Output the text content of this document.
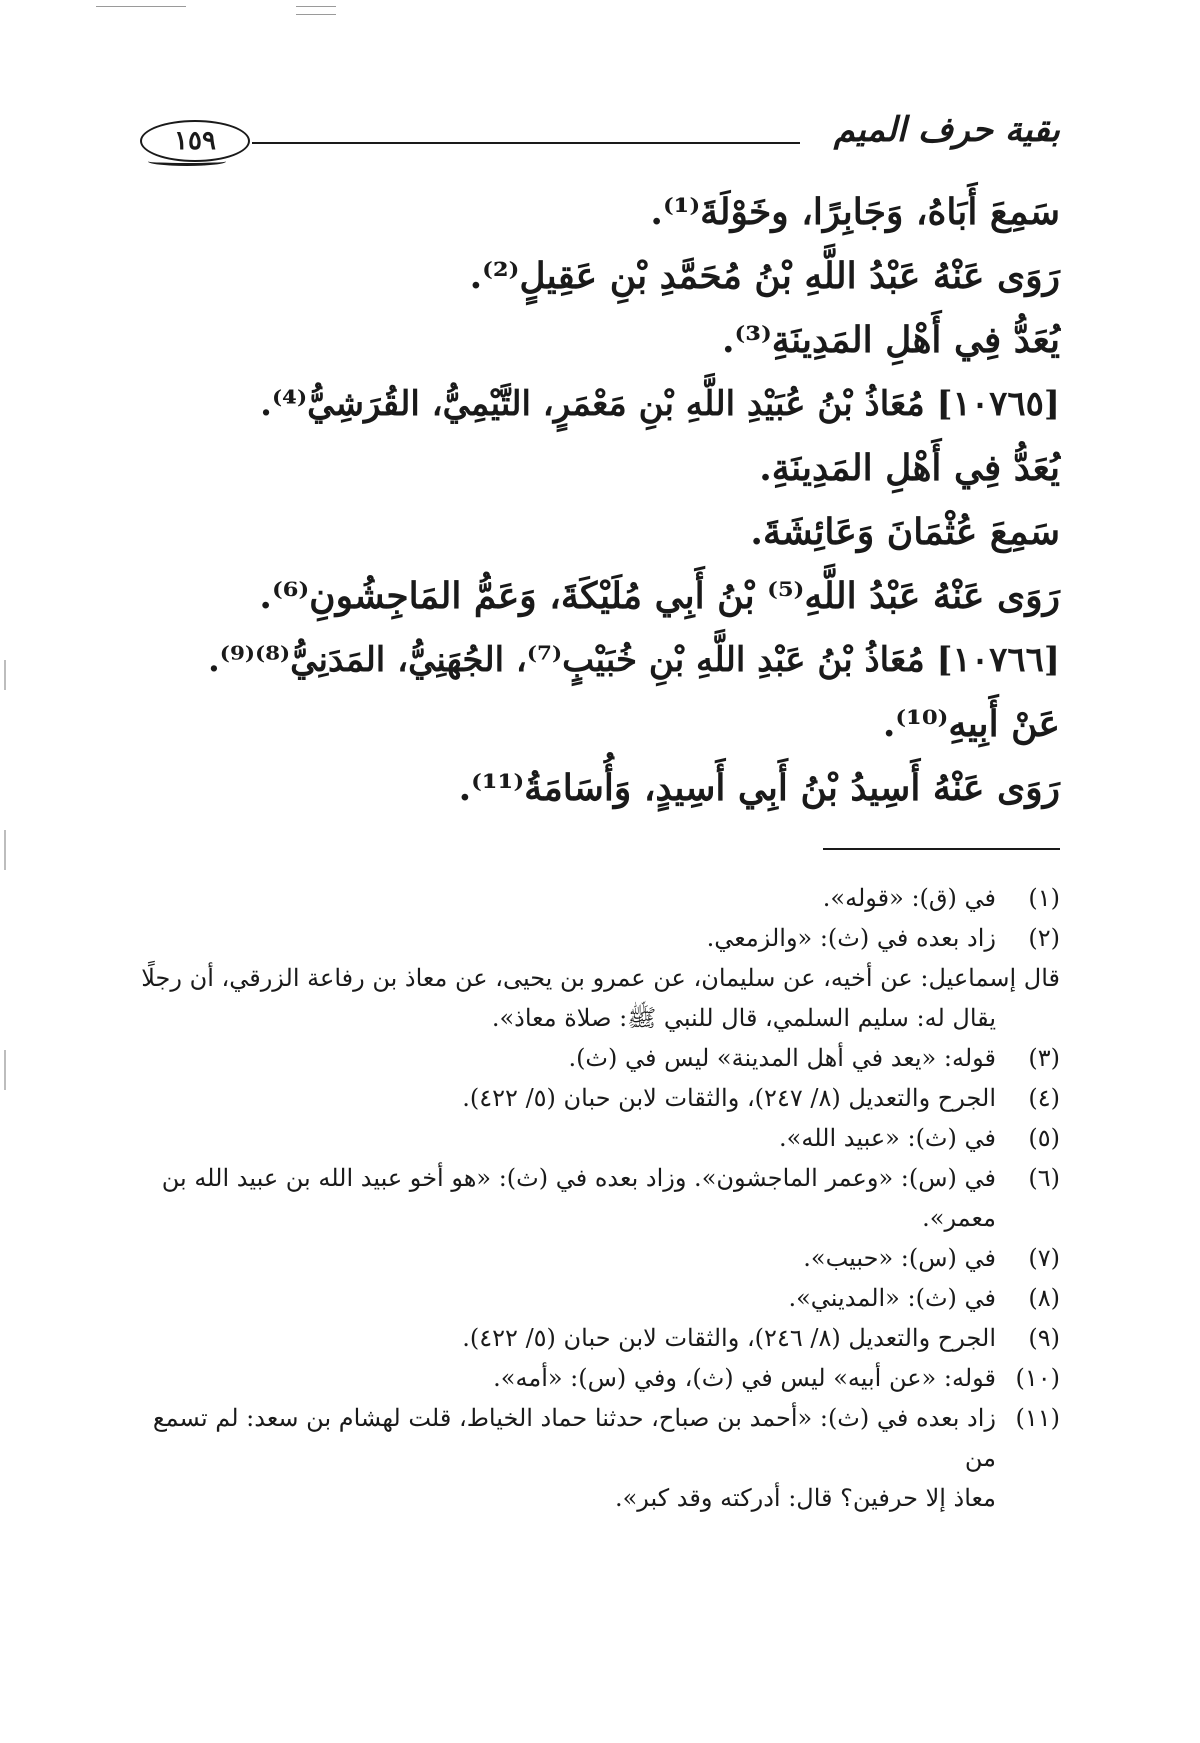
١٥٩	بقية حرف الميم
سَمِعَ أَبَاهُ، وَجَابِرًا، وخَوْلَةَ⁽¹⁾.
رَوَى عَنْهُ عَبْدُ اللَّهِ بْنُ مُحَمَّدِ بْنِ عَقِيلٍ⁽²⁾.
يُعَدُّ فِي أَهْلِ المَدِينَةِ⁽³⁾.
[١٠٧٦٥] مُعَاذُ بْنُ عُبَيْدِ اللَّهِ بْنِ مَعْمَرٍ، التَّيْمِيُّ، القُرَشِيُّ⁽⁴⁾.
يُعَدُّ فِي أَهْلِ المَدِينَةِ.
سَمِعَ عُثْمَانَ وَعَائِشَةَ.
رَوَى عَنْهُ عَبْدُ اللَّهِ⁽⁵⁾ بْنُ أَبِي مُلَيْكَةَ، وَعَمُّ المَاجِشُونِ⁽⁶⁾.
[١٠٧٦٦] مُعَاذُ بْنُ عَبْدِ اللَّهِ بْنِ خُبَيْبٍ⁽⁷⁾، الجُهَنِيُّ، المَدَنِيُّ⁽⁸⁾⁽⁹⁾.
عَنْ أَبِيهِ⁽¹⁰⁾.
رَوَى عَنْهُ أَسِيدُ بْنُ أَبِي أَسِيدٍ، وَأُسَامَةُ⁽¹¹⁾.
(١)
في (ق): «قوله».
(٢)
زاد بعده في (ث): «والزمعي.
قال إسماعيل: عن أخيه، عن سليمان، عن عمرو بن يحيى، عن معاذ بن رفاعة الزرقي، أن رجلًا
يقال له: سليم السلمي، قال للنبي ﷺ: صلاة معاذ».
(٣)
قوله: «يعد في أهل المدينة» ليس في (ث).
(٤)
الجرح والتعديل (٨/ ٢٤٧)، والثقات لابن حبان (٥/ ٤٢٢).
(٥)
في (ث): «عبيد الله».
(٦)
في (س): «وعمر الماجشون». وزاد بعده في (ث): «هو أخو عبيد الله بن عبيد الله بن
معمر».
(٧)
في (س): «حبيب».
(٨)
في (ث): «المديني».
(٩)
الجرح والتعديل (٨/ ٢٤٦)، والثقات لابن حبان (٥/ ٤٢٢).
(١٠)
قوله: «عن أبيه» ليس في (ث)، وفي (س): «أمه».
(١١)
زاد بعده في (ث): «أحمد بن صباح، حدثنا حماد الخياط، قلت لهشام بن سعد: لم تسمع من
معاذ إلا حرفين؟ قال: أدركته وقد كبر».
